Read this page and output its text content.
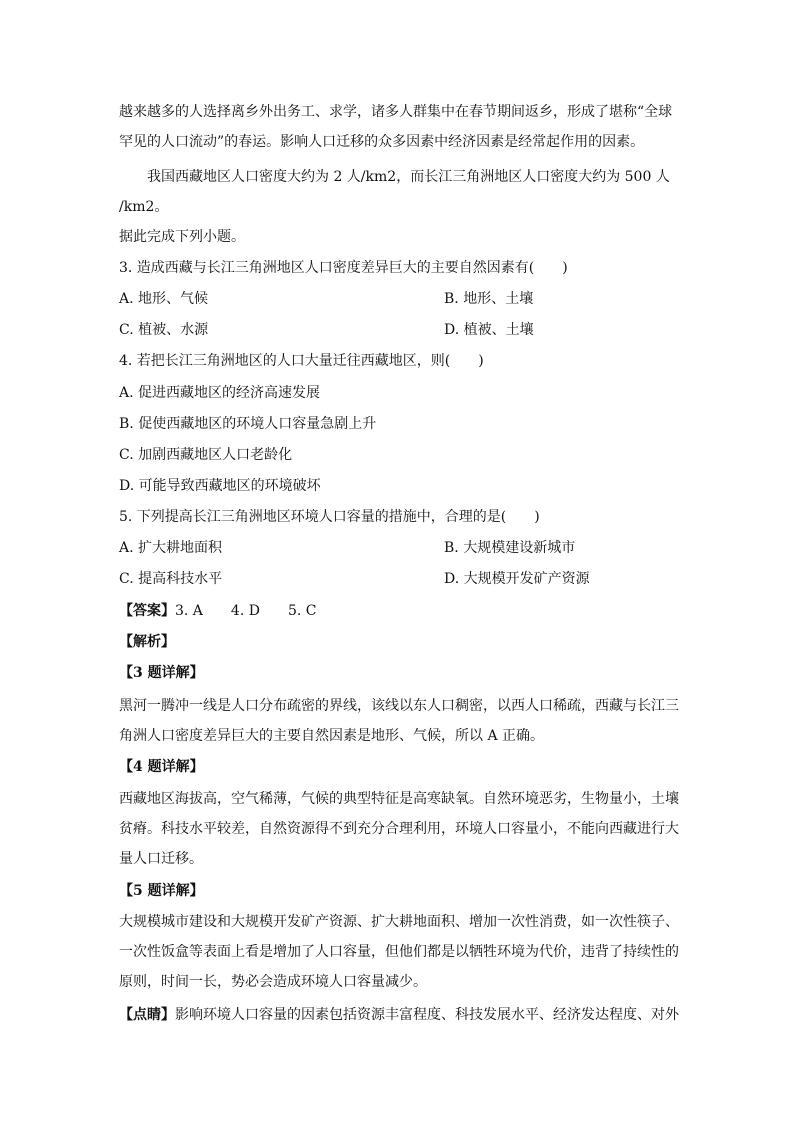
越来越多的人选择离乡外出务工、求学，诸多人群集中在春节期间返乡，形成了堪称“全球
罕见的人口流动”的春运。影响人口迁移的众多因素中经济因素是经常起作用的因素。
我国西藏地区人口密度大约为 2 人/km2，而长江三角洲地区人口密度大约为 500 人
/km2。
据此完成下列小题。
3. 造成西藏与长江三角洲地区人口密度差异巨大的主要自然因素有(　　)
A. 地形、气候	B. 地形、土壤
C. 植被、水源	D. 植被、土壤
4. 若把长江三角洲地区的人口大量迁往西藏地区，则(　　)
A. 促进西藏地区的经济高速发展
B. 促使西藏地区的环境人口容量急剧上升
C. 加剧西藏地区人口老龄化
D. 可能导致西藏地区的环境破坏
5. 下列提高长江三角洲地区环境人口容量的措施中，合理的是(　　)
A. 扩大耕地面积	B. 大规模建设新城市
C. 提高科技水平	D. 大规模开发矿产资源
【答案】3. A　　4. D　　5. C
【解析】
【3 题详解】
黑河一腾冲一线是人口分布疏密的界线，该线以东人口稠密，以西人口稀疏，西藏与长江三
角洲人口密度差异巨大的主要自然因素是地形、气候，所以 A 正确。
【4 题详解】
西藏地区海拔高，空气稀薄，气候的典型特征是高寒缺氧。自然环境恶劣，生物量小，土壤
贫瘠。科技水平较差，自然资源得不到充分合理利用，环境人口容量小，不能向西藏进行大
量人口迁移。
【5 题详解】
大规模城市建设和大规模开发矿产资源、扩大耕地面积、增加一次性消费，如一次性筷子、
一次性饭盒等表面上看是增加了人口容量，但他们都是以牺牲环境为代价，违背了持续性的
原则，时间一长，势必会造成环境人口容量减少。
【点睛】影响环境人口容量的因素包括资源丰富程度、科技发展水平、经济发达程度、对外
